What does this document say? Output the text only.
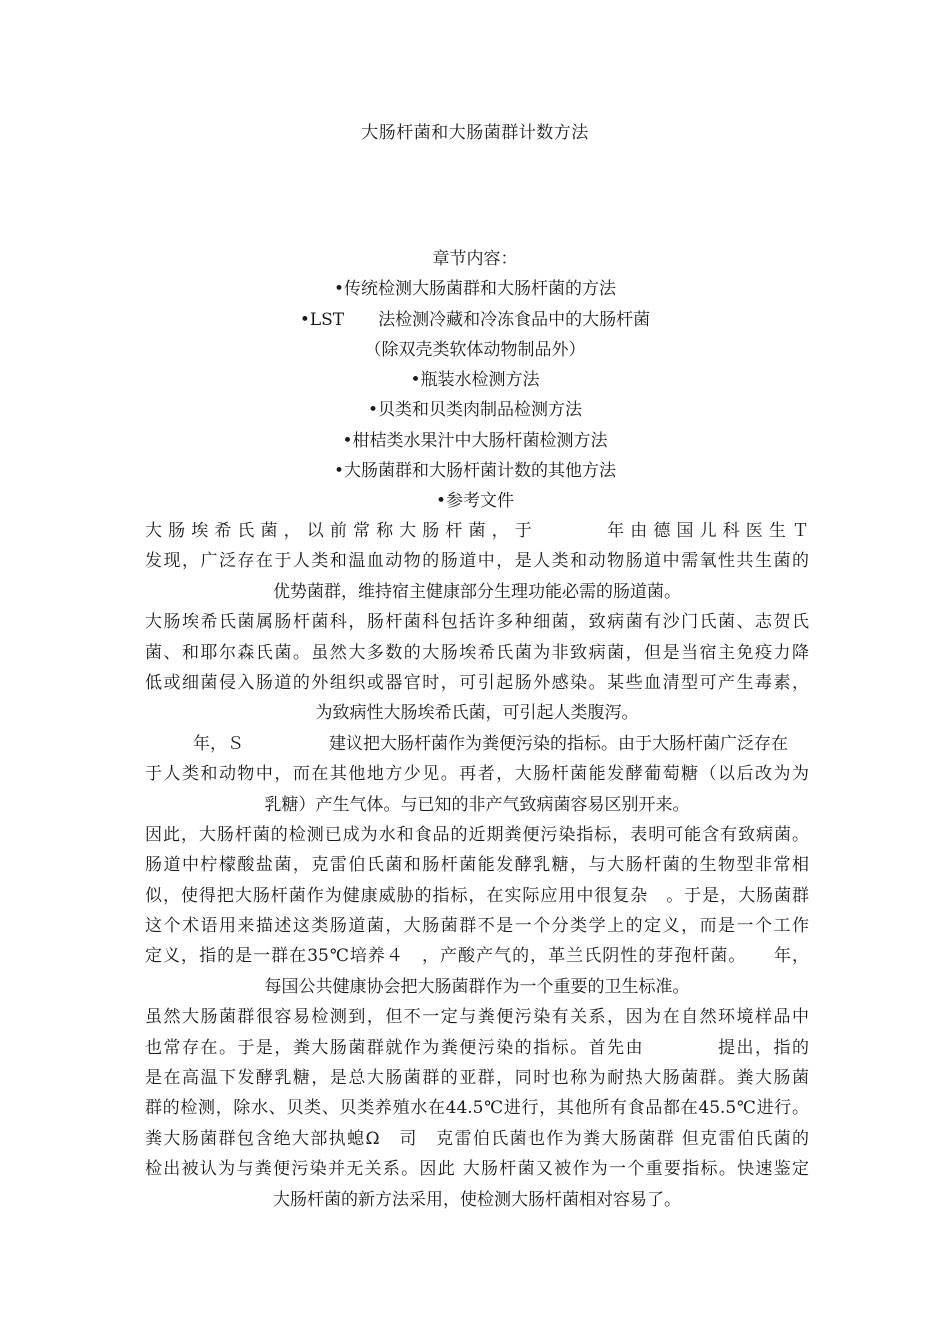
大肠杆菌和大肠菌群计数方法
章节内容：
•传统检测大肠菌群和大肠杆菌的方法
•LST　　法检测冷藏和冷冻食品中的大肠杆菌
（除双壳类软体动物制品外）
•瓶装水检测方法
•贝类和贝类肉制品检测方法
•柑桔类水果汁中大肠杆菌检测方法
•大肠菌群和大肠杆菌计数的其他方法
•参考文件
大肠埃希氏菌，以前常称大肠杆菌，于　　　年由德国儿科医生Ｔ
发现，广泛存在于人类和温血动物的肠道中，是人类和动物肠道中需氧性共生菌的
优势菌群，维持宿主健康部分生理功能必需的肠道菌。
大肠埃希氏菌属肠杆菌科，肠杆菌科包括许多种细菌，致病菌有沙门氏菌、志贺氏
菌、和耶尔森氏菌。虽然大多数的大肠埃希氏菌为非致病菌，但是当宿主免疫力降
低或细菌侵入肠道的外组织或器官时，可引起肠外感染。某些血清型可产生毒素，
为致病性大肠埃希氏菌，可引起人类腹泻。
　　年，Ｓ　　　　　建议把大肠杆菌作为粪便污染的指标。由于大肠杆菌广泛存在
于人类和动物中，而在其他地方少见。再者，大肠杆菌能发酵葡萄糖（以后改为为
乳糖）产生气体。与已知的非产气致病菌容易区别开来。
因此，大肠杆菌的检测已成为水和食品的近期粪便污染指标，表明可能含有致病菌。
肠道中柠檬酸盐菌，克雷伯氏菌和肠杆菌能发酵乳糖，与大肠杆菌的生物型非常相
似，使得把大肠杆菌作为健康威胁的指标，在实际应用中很复杂　。于是，大肠菌群
这个术语用来描述这类肠道菌，大肠菌群不是一个分类学上的定义，而是一个工作
定义，指的是一群在35℃培养４　，产酸产气的，革兰氏阴性的芽孢杆菌。　　年，
每国公共健康协会把大肠菌群作为一个重要的卫生标准。
虽然大肠菌群很容易检测到，但不一定与粪便污染有关系，因为在自然环境样品中
也常存在。于是，粪大肠菌群就作为粪便污染的指标。首先由　　　　提出，指的
是在高温下发酵乳糖，是总大肠菌群的亚群，同时也称为耐热大肠菌群。粪大肠菌
群的检测，除水、贝类、贝类养殖水在44.5℃进行，其他所有食品都在45.5℃进行。
粪大肠菌群包含绝大部执螅Ω　司　克雷伯氏菌也作为粪大肠菌群 但克雷伯氏菌的
检出被认为与粪便污染并无关系。因此 大肠杆菌又被作为一个重要指标。快速鉴定
大肠杆菌的新方法采用，使检测大肠杆菌相对容易了。
